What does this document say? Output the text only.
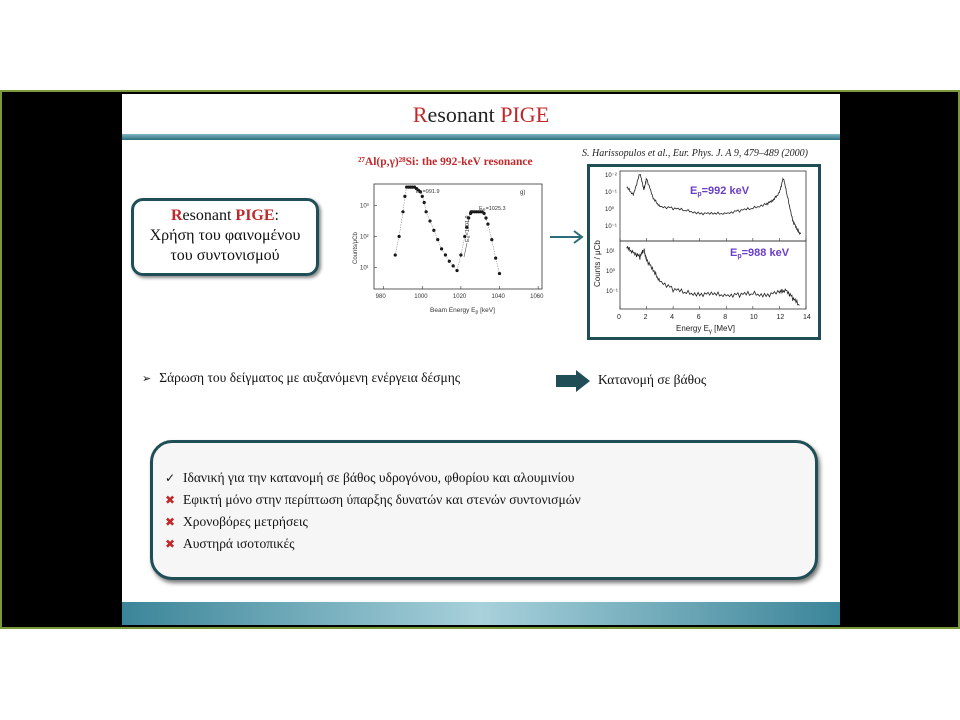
Resonant PIGE
Resonant PIGE:
Χρήση του φαινομένου
του συντονισμού
S. Harissopulos et al., Eur. Phys. J. A 9, 479–489 (2000)
²⁷Al(p,γ)²⁸Si: the 992-keV resonance
g)
10³
10²
10¹
980	1000	1020	1040	1060
Counts/μCb
Beam Energy $E_p$ [keV]
ER=991.9
ER=1001.9
ER=1025.3
10⁻²
10⁻¹
10⁰
10⁻¹
10¹
10⁰
10⁻¹
0	2	4	6	8	10	12	14
Counts / μCb
Energy $E_\gamma$ [MeV]
Ep=992 keV
Ep=988 keV
➢ Σάρωση του δείγματος με αυξανόμενη ενέργεια δέσμης	Κατανομή σε βάθος
✓ Ιδανική για την κατανομή σε βάθος υδρογόνου, φθορίου και αλουμινίου
✖ Εφικτή μόνο στην περίπτωση ύπαρξης δυνατών και στενών συντονισμών
✖ Χρονοβόρες μετρήσεις
✖ Αυστηρά ισοτοπικές
